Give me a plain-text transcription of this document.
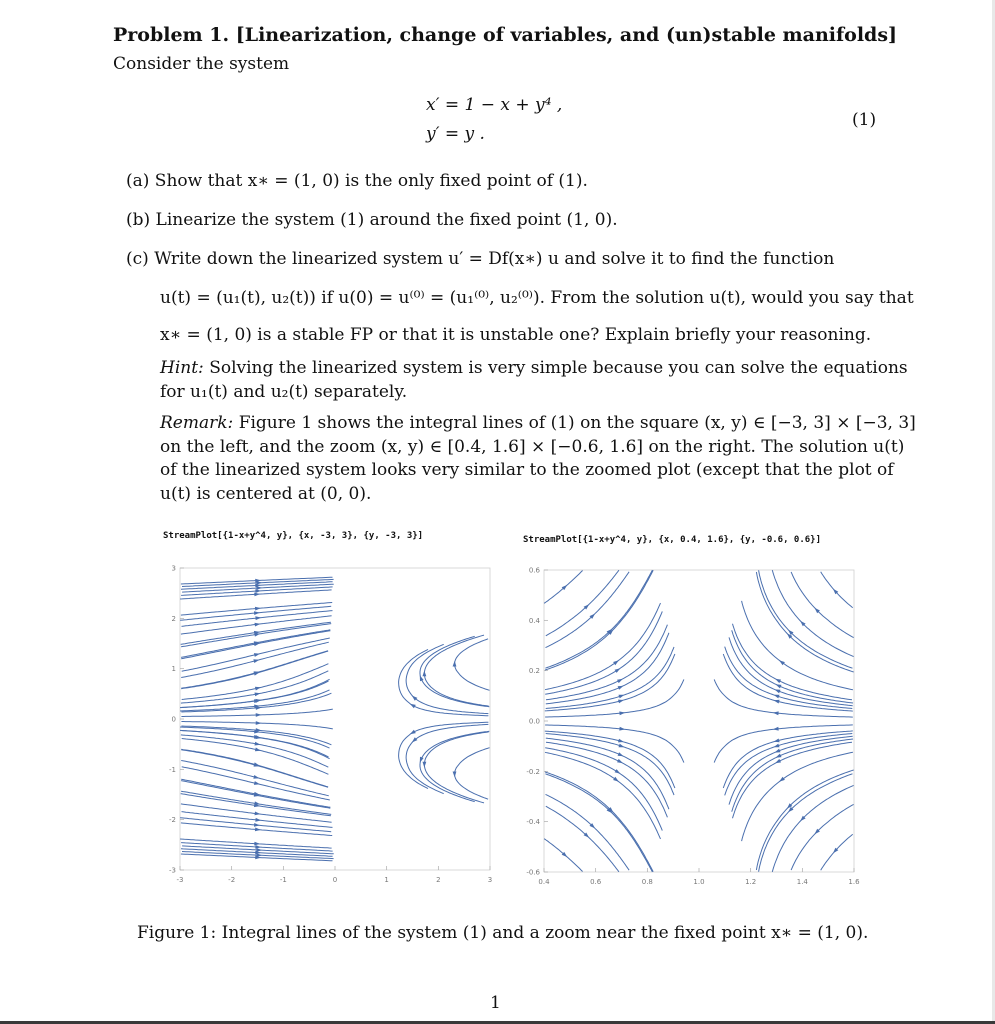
Problem 1. [Linearization, change of variables, and (un)stable manifolds]
Consider the system
x′ = 1 − x + y⁴ ,
y′ = y .
(1)
(a) Show that x∗ = (1, 0) is the only fixed point of (1).
(b) Linearize the system (1) around the fixed point (1, 0).
(c) Write down the linearized system u′ = Df(x∗) u and solve it to find the function
u(t) = (u₁(t), u₂(t)) if u(0) = u⁽⁰⁾ = (u₁⁽⁰⁾, u₂⁽⁰⁾). From the solution u(t), would you say that
x∗ = (1, 0) is a stable FP or that it is unstable one? Explain briefly your reasoning.
Hint: Solving the linearized system is very simple because you can solve the equations
for u₁(t) and u₂(t) separately.
Remark: Figure 1 shows the integral lines of (1) on the square (x, y) ∈ [−3, 3] × [−3, 3]
on the left, and the zoom (x, y) ∈ [0.4, 1.6] × [−0.6, 1.6] on the right. The solution u(t)
of the linearized system looks very similar to the zoomed plot (except that the plot of
u(t) is centered at (0, 0).
StreamPlot[{1-x+y^4, y}, {x, -3, 3}, {y, -3, 3}]	StreamPlot[{1-x+y^4, y}, {x, 0.4, 1.6}, {y, -0.6, 0.6}]
-3	-2	-1	0	1	2	3
3
2
1
0
-1
-2
-3
0.4	0.6	0.8	1.0	1.2	1.4	1.6
0.6
0.4
0.2
0.0
-0.2
-0.4
-0.6
Figure 1: Integral lines of the system (1) and a zoom near the fixed point x∗ = (1, 0).
1
